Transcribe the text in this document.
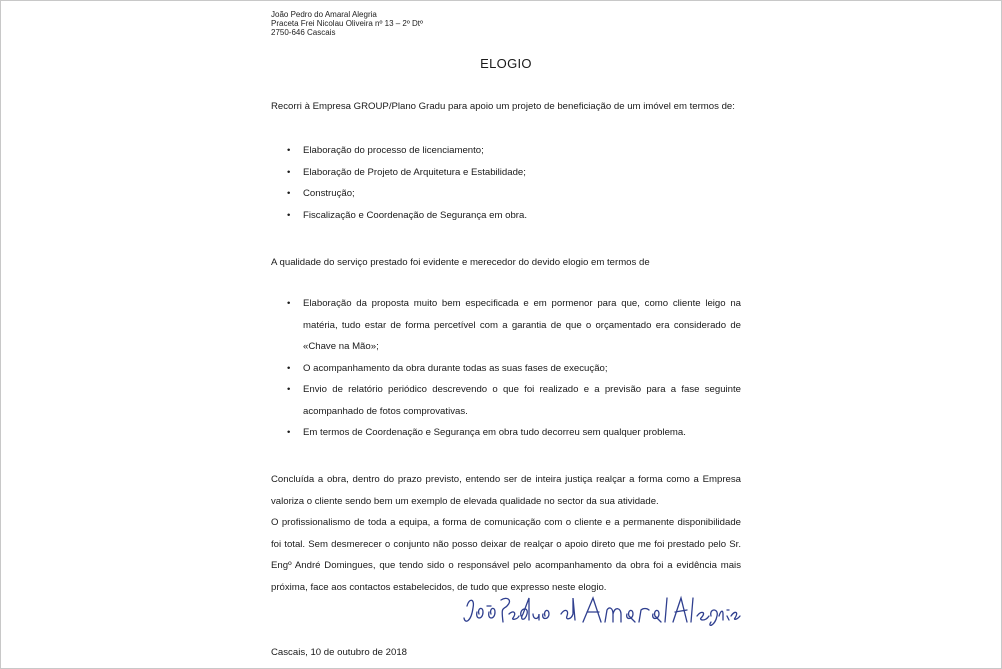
João Pedro do Amaral Alegria
Praceta Frei Nicolau Oliveira nº 13 – 2º Dtº
2750-646 Cascais
ELOGIO

Recorri à Empresa GROUP/Plano Gradu para apoio um projeto de beneficiação de um imóvel em termos de:

• Elaboração do processo de licenciamento;
• Elaboração de Projeto de Arquitetura e Estabilidade;
• Construção;
• Fiscalização e Coordenação de Segurança em obra.

A qualidade do serviço prestado foi evidente e merecedor do devido elogio em termos de

• Elaboração da proposta muito bem especificada e em pormenor para que, como cliente leigo na matéria, tudo estar de forma percetível com a garantia de que o orçamentado era considerado de «Chave na Mão»;
• O acompanhamento da obra durante todas as suas fases de execução;
• Envio de relatório periódico descrevendo o que foi realizado e a previsão para a fase seguinte acompanhado de fotos comprovativas.
• Em termos de Coordenação e Segurança em obra tudo decorreu sem qualquer problema.

Concluída a obra, dentro do prazo previsto, entendo ser de inteira justiça realçar a forma como a Empresa valoriza o cliente sendo bem um exemplo de elevada qualidade no sector da sua atividade.

O profissionalismo de toda a equipa, a forma de comunicação com o cliente e a permanente disponibilidade foi total. Sem desmerecer o conjunto não posso deixar de realçar o apoio direto que me foi prestado pelo Sr. Engº André Domingues, que tendo sido o responsável pelo acompanhamento da obra foi a evidência mais próxima, face aos contactos estabelecidos, de tudo que expresso neste elogio.

Cascais, 10 de outubro de 2018
